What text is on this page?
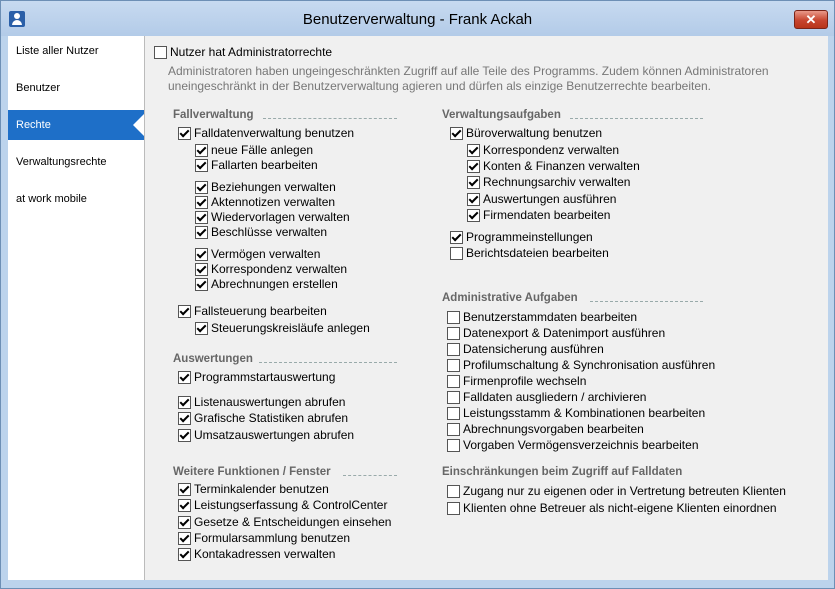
Benutzerverwaltung - Frank Ackah	✕
Liste aller Nutzer
Benutzer
Rechte
Verwaltungsrechte
at work mobile
Nutzer hat Administratorrechte
Administratoren haben ungeingeschränkten Zugriff auf alle Teile des Programms. Zudem können Administratoren uneingeschränkt in der Benutzerverwaltung agieren und dürfen als einzige Benutzerrechte bearbeiten.
Fallverwaltung
Auswertungen
Weitere Funktionen / Fenster
Verwaltungsaufgaben
Administrative Aufgaben
Einschränkungen beim Zugriff auf Falldaten
Falldatenverwaltung benutzen
neue Fälle anlegen
Fallarten bearbeiten
Beziehungen verwalten
Aktennotizen verwalten
Wiedervorlagen verwalten
Beschlüsse verwalten
Vermögen verwalten
Korrespondenz verwalten
Abrechnungen erstellen
Fallsteuerung bearbeiten
Steuerungskreisläufe anlegen
Programmstartauswertung
Listenauswertungen abrufen
Grafische Statistiken abrufen
Umsatzauswertungen abrufen
Terminkalender benutzen
Leistungserfassung & ControlCenter
Gesetze & Entscheidungen einsehen
Formularsammlung benutzen
Kontakadressen verwalten
Büroverwaltung benutzen
Korrespondenz verwalten
Konten & Finanzen verwalten
Rechnungsarchiv verwalten
Auswertungen ausführen
Firmendaten bearbeiten
Programmeinstellungen
Berichtsdateien bearbeiten
Benutzerstammdaten bearbeiten
Datenexport & Datenimport ausführen
Datensicherung ausführen
Profilumschaltung & Synchronisation ausführen
Firmenprofile wechseln
Falldaten ausgliedern / archivieren
Leistungsstamm & Kombinationen bearbeiten
Abrechnungsvorgaben bearbeiten
Vorgaben Vermögensverzeichnis bearbeiten
Zugang nur zu eigenen oder in Vertretung betreuten Klienten
Klienten ohne Betreuer als nicht-eigene Klienten einordnen
